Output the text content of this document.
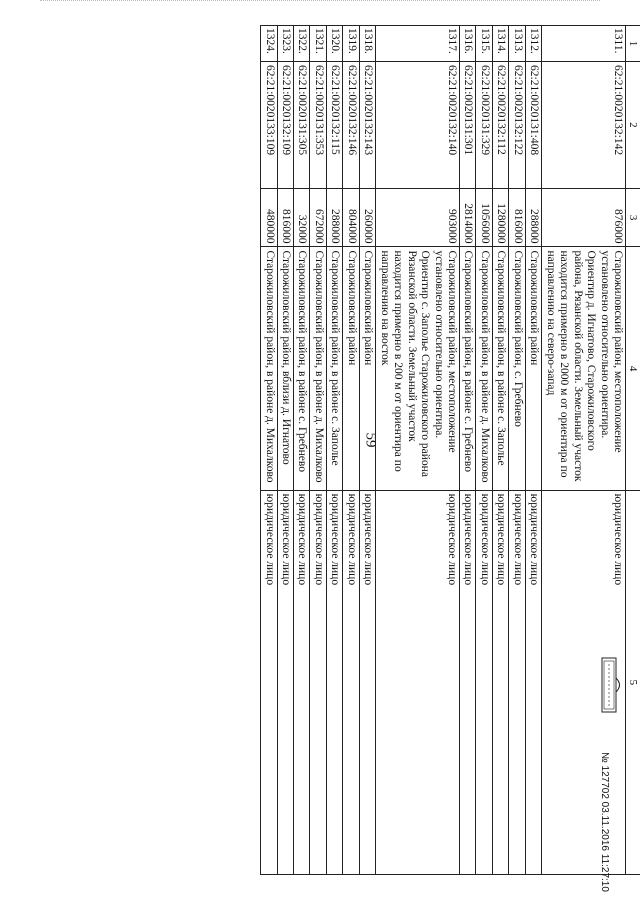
59
1	2	3	4	5
1311.	62:21:0020132:142	876000	Старожиловский район, местоположение установлено относительно ориентира. Ориентир д. Игнатово, Старожиловского района, Рязанской области. Земельный участок находится примерно в 2000 м от ориентира по направлению на северо-запад	юридическое лицо
1312.	62:21:0020131:408	288000	Старожиловский район	юридическое лицо
1313.	62:21:0020132:122	816000	Старожиловский район, с. Гребнево	юридическое лицо
1314.	62:21:0020132:112	1280000	Старожиловский район, в районе с. Заполье	юридическое лицо
1315.	62:21:0020131:329	1056000	Старожиловский район, в районе д. Михалково	юридическое лицо
1316.	62:21:0020131:301	2814000	Старожиловский район, в районе с. Гребнево	юридическое лицо
1317.	62:21:0020132:140	903000	Старожиловский район, местоположение установлено относительно ориентира. Ориентир с. Заполье Старожиловского района Рязанской области. Земельный участок находится примерно в 200 м от ориентира по направлению на восток	юридическое лицо
1318.	62:21:0020132:143	260000	Старожиловский район	юридическое лицо
1319.	62:21:0020132:146	804000	Старожиловский район	юридическое лицо
1320.	62:21:0020132:115	288000	Старожиловский район, в районе с. Заполье	юридическое лицо
1321.	62:21:0020131:353	672000	Старожиловский район, в районе д. Михалково	юридическое лицо
1322.	62:21:0020131:305	32000	Старожиловский район, в районе с. Гребнево	юридическое лицо
1323.	62:21:0020132:109	816000	Старожиловский район, вблизи д. Игнатово	юридическое лицо
1324.	62:21:0020133:109	480000	Старожиловский район, в районе д. Михалково	юридическое лицо
№ 127702 03.11.2016 11:27:10
